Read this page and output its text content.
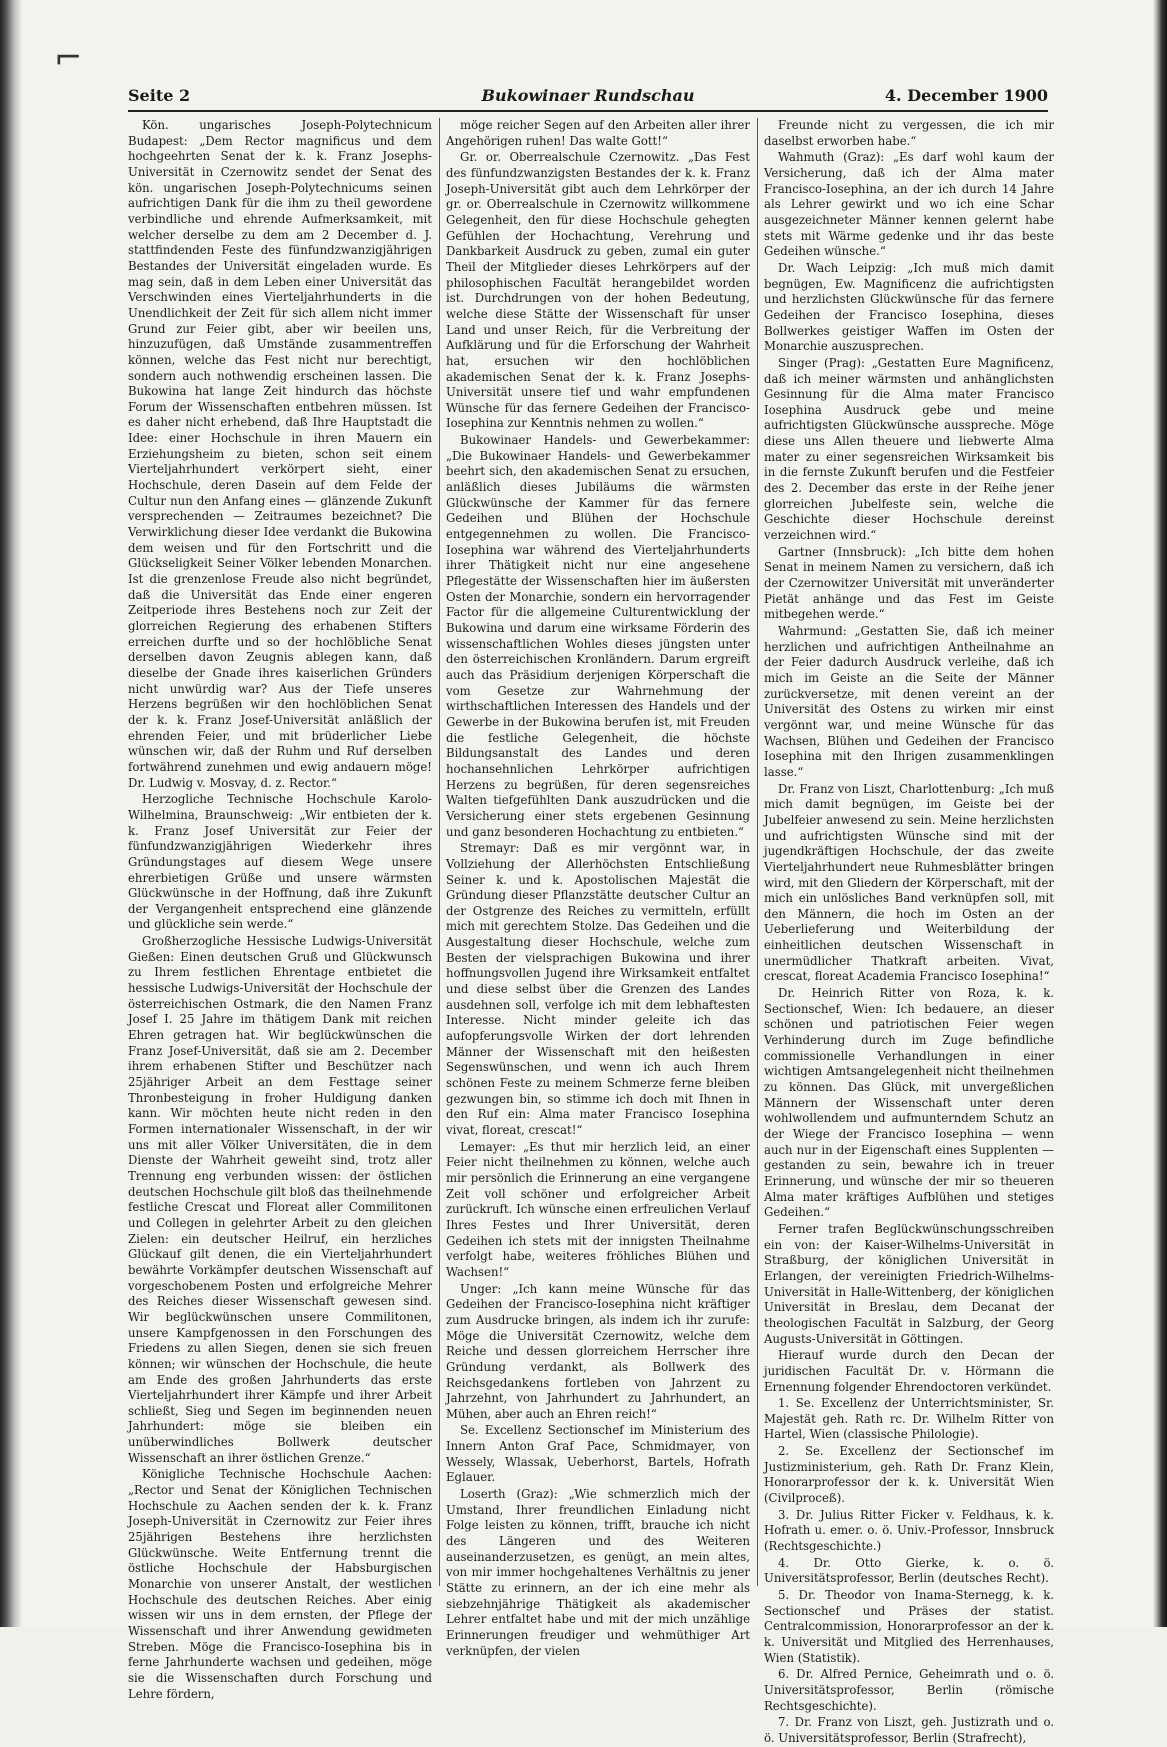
⌐
Seite 2	Bukowinaer Rundschau	4. December 1900

Kön. ungarisches Joseph-Polytechnicum Budapest: „Dem Rector magnificus und dem hochgeehrten Senat der k. k. Franz Josephs-Universität in Czernowitz sendet der Senat des kön. ungarischen Joseph-Polytechnicums seinen aufrichtigen Dank für die ihm zu theil gewordene verbindliche und ehrende Aufmerksamkeit, mit welcher derselbe zu dem am 2 December d. J. stattfindenden Feste des fünfundzwanzigjährigen Bestandes der Universität eingeladen wurde. Es mag sein, daß in dem Leben einer Universität das Verschwinden eines Vierteljahrhunderts in die Unendlichkeit der Zeit für sich allem nicht immer Grund zur Feier gibt, aber wir beeilen uns, hinzuzufügen, daß Umstände zusammentreffen können, welche das Fest nicht nur berechtigt, sondern auch nothwendig erscheinen lassen. Die Bukowina hat lange Zeit hindurch das höchste Forum der Wissenschaften entbehren müssen. Ist es daher nicht erhebend, daß Ihre Hauptstadt die Idee: einer Hochschule in ihren Mauern ein Erziehungsheim zu bieten, schon seit einem Vierteljahrhundert verkörpert sieht, einer Hochschule, deren Dasein auf dem Felde der Cultur nun den Anfang eines — glänzende Zukunft versprechenden — Zeitraumes bezeichnet? Die Verwirklichung dieser Idee verdankt die Bukowina dem weisen und für den Fortschritt und die Glückseligkeit Seiner Völker lebenden Monarchen. Ist die grenzenlose Freude also nicht begründet, daß die Universität das Ende einer engeren Zeitperiode ihres Bestehens noch zur Zeit der glorreichen Regierung des erhabenen Stifters erreichen durfte und so der hochlöbliche Senat derselben davon Zeugnis ablegen kann, daß dieselbe der Gnade ihres kaiserlichen Gründers nicht unwürdig war? Aus der Tiefe unseres Herzens begrüßen wir den hochlöblichen Senat der k. k. Franz Josef-Universität anläßlich der ehrenden Feier, und mit brüderlicher Liebe wünschen wir, daß der Ruhm und Ruf derselben fortwährend zunehmen und ewig andauern möge! Dr. Ludwig v. Mosvay, d. z. Rector.“

Herzogliche Technische Hochschule Karolo-Wilhelmina, Braunschweig: „Wir entbieten der k. k. Franz Josef Universität zur Feier der fünfundzwanzigjährigen Wiederkehr ihres Gründungstages auf diesem Wege unsere ehrerbietigen Grüße und unsere wärmsten Glückwünsche in der Hoffnung, daß ihre Zukunft der Vergangenheit entsprechend eine glänzende und glückliche sein werde.“

Großherzogliche Hessische Ludwigs-Universität Gießen: Einen deutschen Gruß und Glückwunsch zu Ihrem festlichen Ehrentage entbietet die hessische Ludwigs-Universität der Hochschule der österreichischen Ostmark, die den Namen Franz Josef I. 25 Jahre im thätigem Dank mit reichen Ehren getragen hat. Wir beglückwünschen die Franz Josef-Universität, daß sie am 2. December ihrem erhabenen Stifter und Beschützer nach 25jähriger Arbeit an dem Festtage seiner Thronbesteigung in froher Huldigung danken kann. Wir möchten heute nicht reden in den Formen internationaler Wissenschaft, in der wir uns mit aller Völker Universitäten, die in dem Dienste der Wahrheit geweiht sind, trotz aller Trennung eng verbunden wissen: der östlichen deutschen Hochschule gilt bloß das theilnehmende festliche Crescat und Floreat aller Commilitonen und Collegen in gelehrter Arbeit zu den gleichen Zielen: ein deutscher Heilruf, ein herzliches Glückauf gilt denen, die ein Vierteljahrhundert bewährte Vorkämpfer deutschen Wissenschaft auf vorgeschobenem Posten und erfolgreiche Mehrer des Reiches dieser Wissenschaft gewesen sind. Wir beglückwünschen unsere Commilitonen, unsere Kampfgenossen in den Forschungen des Friedens zu allen Siegen, denen sie sich freuen können; wir wünschen der Hochschule, die heute am Ende des großen Jahrhunderts das erste Vierteljahrhundert ihrer Kämpfe und ihrer Arbeit schließt, Sieg und Segen im beginnenden neuen Jahrhundert: möge sie bleiben ein unüberwindliches Bollwerk deutscher Wissenschaft an ihrer östlichen Grenze.“

Königliche Technische Hochschule Aachen: „Rector und Senat der Königlichen Technischen Hochschule zu Aachen senden der k. k. Franz Joseph-Universität in Czernowitz zur Feier ihres 25jährigen Bestehens ihre herzlichsten Glückwünsche. Weite Entfernung trennt die östliche Hochschule der Habsburgischen Monarchie von unserer Anstalt, der westlichen Hochschule des deutschen Reiches. Aber einig wissen wir uns in dem ernsten, der Pflege der Wissenschaft und ihrer Anwendung gewidmeten Streben. Möge die Francisco-Iosephina bis in ferne Jahrhunderte wachsen und gedeihen, möge sie die Wissenschaften durch Forschung und Lehre fördern,

möge reicher Segen auf den Arbeiten aller ihrer Angehörigen ruhen! Das walte Gott!“

Gr. or. Oberrealschule Czernowitz. „Das Fest des fünfundzwanzigsten Bestandes der k. k. Franz Joseph-Universität gibt auch dem Lehrkörper der gr. or. Oberrealschule in Czernowitz willkommene Gelegenheit, den für diese Hochschule gehegten Gefühlen der Hochachtung, Verehrung und Dankbarkeit Ausdruck zu geben, zumal ein guter Theil der Mitglieder dieses Lehrkörpers auf der philosophischen Facultät herangebildet worden ist. Durchdrungen von der hohen Bedeutung, welche diese Stätte der Wissenschaft für unser Land und unser Reich, für die Verbreitung der Aufklärung und für die Erforschung der Wahrheit hat, ersuchen wir den hochlöblichen akademischen Senat der k. k. Franz Josephs-Universität unsere tief und wahr empfundenen Wünsche für das fernere Gedeihen der Francisco-Iosephina zur Kenntnis nehmen zu wollen.“

Bukowinaer Handels- und Gewerbekammer: „Die Bukowinaer Handels- und Gewerbekammer beehrt sich, den akademischen Senat zu ersuchen, anläßlich dieses Jubiläums die wärmsten Glückwünsche der Kammer für das fernere Gedeihen und Blühen der Hochschule entgegennehmen zu wollen. Die Francisco-Iosephina war während des Vierteljahrhunderts ihrer Thätigkeit nicht nur eine angesehene Pflegestätte der Wissenschaften hier im äußersten Osten der Monarchie, sondern ein hervorragender Factor für die allgemeine Culturentwicklung der Bukowina und darum eine wirksame Förderin des wissenschaftlichen Wohles dieses jüngsten unter den österreichischen Kronländern. Darum ergreift auch das Präsidium derjenigen Körperschaft die vom Gesetze zur Wahrnehmung der wirthschaftlichen Interessen des Handels und der Gewerbe in der Bukowina berufen ist, mit Freuden die festliche Gelegenheit, die höchste Bildungsanstalt des Landes und deren hochansehnlichen Lehrkörper aufrichtigen Herzens zu begrüßen, für deren segensreiches Walten tiefgefühlten Dank auszudrücken und die Versicherung einer stets ergebenen Gesinnung und ganz besonderen Hochachtung zu entbieten.“

Stremayr: Daß es mir vergönnt war, in Vollziehung der Allerhöchsten Entschließung Seiner k. und k. Apostolischen Majestät die Gründung dieser Pflanzstätte deutscher Cultur an der Ostgrenze des Reiches zu vermitteln, erfüllt mich mit gerechtem Stolze. Das Gedeihen und die Ausgestaltung dieser Hochschule, welche zum Besten der vielsprachigen Bukowina und ihrer hoffnungsvollen Jugend ihre Wirksamkeit entfaltet und diese selbst über die Grenzen des Landes ausdehnen soll, verfolge ich mit dem lebhaftesten Interesse. Nicht minder geleite ich das aufopferungsvolle Wirken der dort lehrenden Männer der Wissenschaft mit den heißesten Segenswünschen, und wenn ich auch Ihrem schönen Feste zu meinem Schmerze ferne bleiben gezwungen bin, so stimme ich doch mit Ihnen in den Ruf ein: Alma mater Francisco Iosephina vivat, floreat, crescat!“

Lemayer: „Es thut mir herzlich leid, an einer Feier nicht theilnehmen zu können, welche auch mir persönlich die Erinnerung an eine vergangene Zeit voll schöner und erfolgreicher Arbeit zurückruft. Ich wünsche einen erfreulichen Verlauf Ihres Festes und Ihrer Universität, deren Gedeihen ich stets mit der innigsten Theilnahme verfolgt habe, weiteres fröhliches Blühen und Wachsen!“

Unger: „Ich kann meine Wünsche für das Gedeihen der Francisco-Iosephina nicht kräftiger zum Ausdrucke bringen, als indem ich ihr zurufe: Möge die Universität Czernowitz, welche dem Reiche und dessen glorreichem Herrscher ihre Gründung verdankt, als Bollwerk des Reichsgedankens fortleben von Jahrzent zu Jahrzehnt, von Jahrhundert zu Jahrhundert, an Mühen, aber auch an Ehren reich!“

Se. Excellenz Sectionschef im Ministerium des Innern Anton Graf Pace, Schmidmayer, von Wessely, Wlassak, Ueberhorst, Bartels, Hofrath Eglauer.

Loserth (Graz): „Wie schmerzlich mich der Umstand, Ihrer freundlichen Einladung nicht Folge leisten zu können, trifft, brauche ich nicht des Längeren und des Weiteren auseinanderzusetzen, es genügt, an mein altes, von mir immer hochgehaltenes Verhältnis zu jener Stätte zu erinnern, an der ich eine mehr als siebzehnjährige Thätigkeit als akademischer Lehrer entfaltet habe und mit der mich unzählige Erinnerungen freudiger und wehmüthiger Art verknüpfen, der vielen

Freunde nicht zu vergessen, die ich mir daselbst erworben habe.“

Wahmuth (Graz): „Es darf wohl kaum der Versicherung, daß ich der Alma mater Francisco-Iosephina, an der ich durch 14 Jahre als Lehrer gewirkt und wo ich eine Schar ausgezeichneter Männer kennen gelernt habe stets mit Wärme gedenke und ihr das beste Gedeihen wünsche.“

Dr. Wach Leipzig: „Ich muß mich damit begnügen, Ew. Magnificenz die aufrichtigsten und herzlichsten Glückwünsche für das fernere Gedeihen der Francisco Iosephina, dieses Bollwerkes geistiger Waffen im Osten der Monarchie auszusprechen.

Singer (Prag): „Gestatten Eure Magnificenz, daß ich meiner wärmsten und anhänglichsten Gesinnung für die Alma mater Francisco Iosephina Ausdruck gebe und meine aufrichtigsten Glückwünsche ausspreche. Möge diese uns Allen theuere und liebwerte Alma mater zu einer segensreichen Wirksamkeit bis in die fernste Zukunft berufen und die Festfeier des 2. December das erste in der Reihe jener glorreichen Jubelfeste sein, welche die Geschichte dieser Hochschule dereinst verzeichnen wird.“

Gartner (Innsbruck): „Ich bitte dem hohen Senat in meinem Namen zu versichern, daß ich der Czernowitzer Universität mit unveränderter Pietät anhänge und das Fest im Geiste mitbegehen werde.“

Wahrmund: „Gestatten Sie, daß ich meiner herzlichen und aufrichtigen Antheilnahme an der Feier dadurch Ausdruck verleihe, daß ich mich im Geiste an die Seite der Männer zurückversetze, mit denen vereint an der Universität des Ostens zu wirken mir einst vergönnt war, und meine Wünsche für das Wachsen, Blühen und Gedeihen der Francisco Iosephina mit den Ihrigen zusammenklingen lasse.“

Dr. Franz von Liszt, Charlottenburg: „Ich muß mich damit begnügen, im Geiste bei der Jubelfeier anwesend zu sein. Meine herzlichsten und aufrichtigsten Wünsche sind mit der jugendkräftigen Hochschule, der das zweite Vierteljahrhundert neue Ruhmesblätter bringen wird, mit den Gliedern der Körperschaft, mit der mich ein unlösliches Band verknüpfen soll, mit den Männern, die hoch im Osten an der Ueberlieferung und Weiterbildung der einheitlichen deutschen Wissenschaft in unermüdlicher Thatkraft arbeiten. Vivat, crescat, floreat Academia Francisco Iosephina!“

Dr. Heinrich Ritter von Roza, k. k. Sectionschef, Wien: Ich bedauere, an dieser schönen und patriotischen Feier wegen Verhinderung durch im Zuge befindliche commissionelle Verhandlungen in einer wichtigen Amtsangelegenheit nicht theilnehmen zu können. Das Glück, mit unvergeßlichen Männern der Wissenschaft unter deren wohlwollendem und aufmunterndem Schutz an der Wiege der Francisco Iosephina — wenn auch nur in der Eigenschaft eines Supplenten — gestanden zu sein, bewahre ich in treuer Erinnerung, und wünsche der mir so theueren Alma mater kräftiges Aufblühen und stetiges Gedeihen.“

Ferner trafen Beglückwünschungsschreiben ein von: der Kaiser-Wilhelms-Universität in Straßburg, der königlichen Universität in Erlangen, der vereinigten Friedrich-Wilhelms-Universität in Halle-Wittenberg, der königlichen Universität in Breslau, dem Decanat der theologischen Facultät in Salzburg, der Georg Augusts-Universität in Göttingen.

Hierauf wurde durch den Decan der juridischen Facultät Dr. v. Hörmann die Ernennung folgender Ehrendoctoren verkündet.

1. Se. Excellenz der Unterrichtsminister, Sr. Majestät geh. Rath rc. Dr. Wilhelm Ritter von Hartel, Wien (classische Philologie).

2. Se. Excellenz der Sectionschef im Justizministerium, geh. Rath Dr. Franz Klein, Honorarprofessor der k. k. Universität Wien (Civilproceß).

3. Dr. Julius Ritter Ficker v. Feldhaus, k. k. Hofrath u. emer. o. ö. Univ.-Professor, Innsbruck (Rechtsgeschichte.)

4. Dr. Otto Gierke, k. o. ö. Universitätsprofessor, Berlin (deutsches Recht).

5. Dr. Theodor von Inama-Sternegg, k. k. Sectionschef und Präses der statist. Centralcommission, Honorarprofessor an der k. k. Universität und Mitglied des Herrenhauses, Wien (Statistik).

6. Dr. Alfred Pernice, Geheimrath und o. ö. Universitätsprofessor, Berlin (römische Rechtsgeschichte).

7. Dr. Franz von Liszt, geh. Justizrath und o. ö. Universitätsprofessor, Berlin (Strafrecht),
